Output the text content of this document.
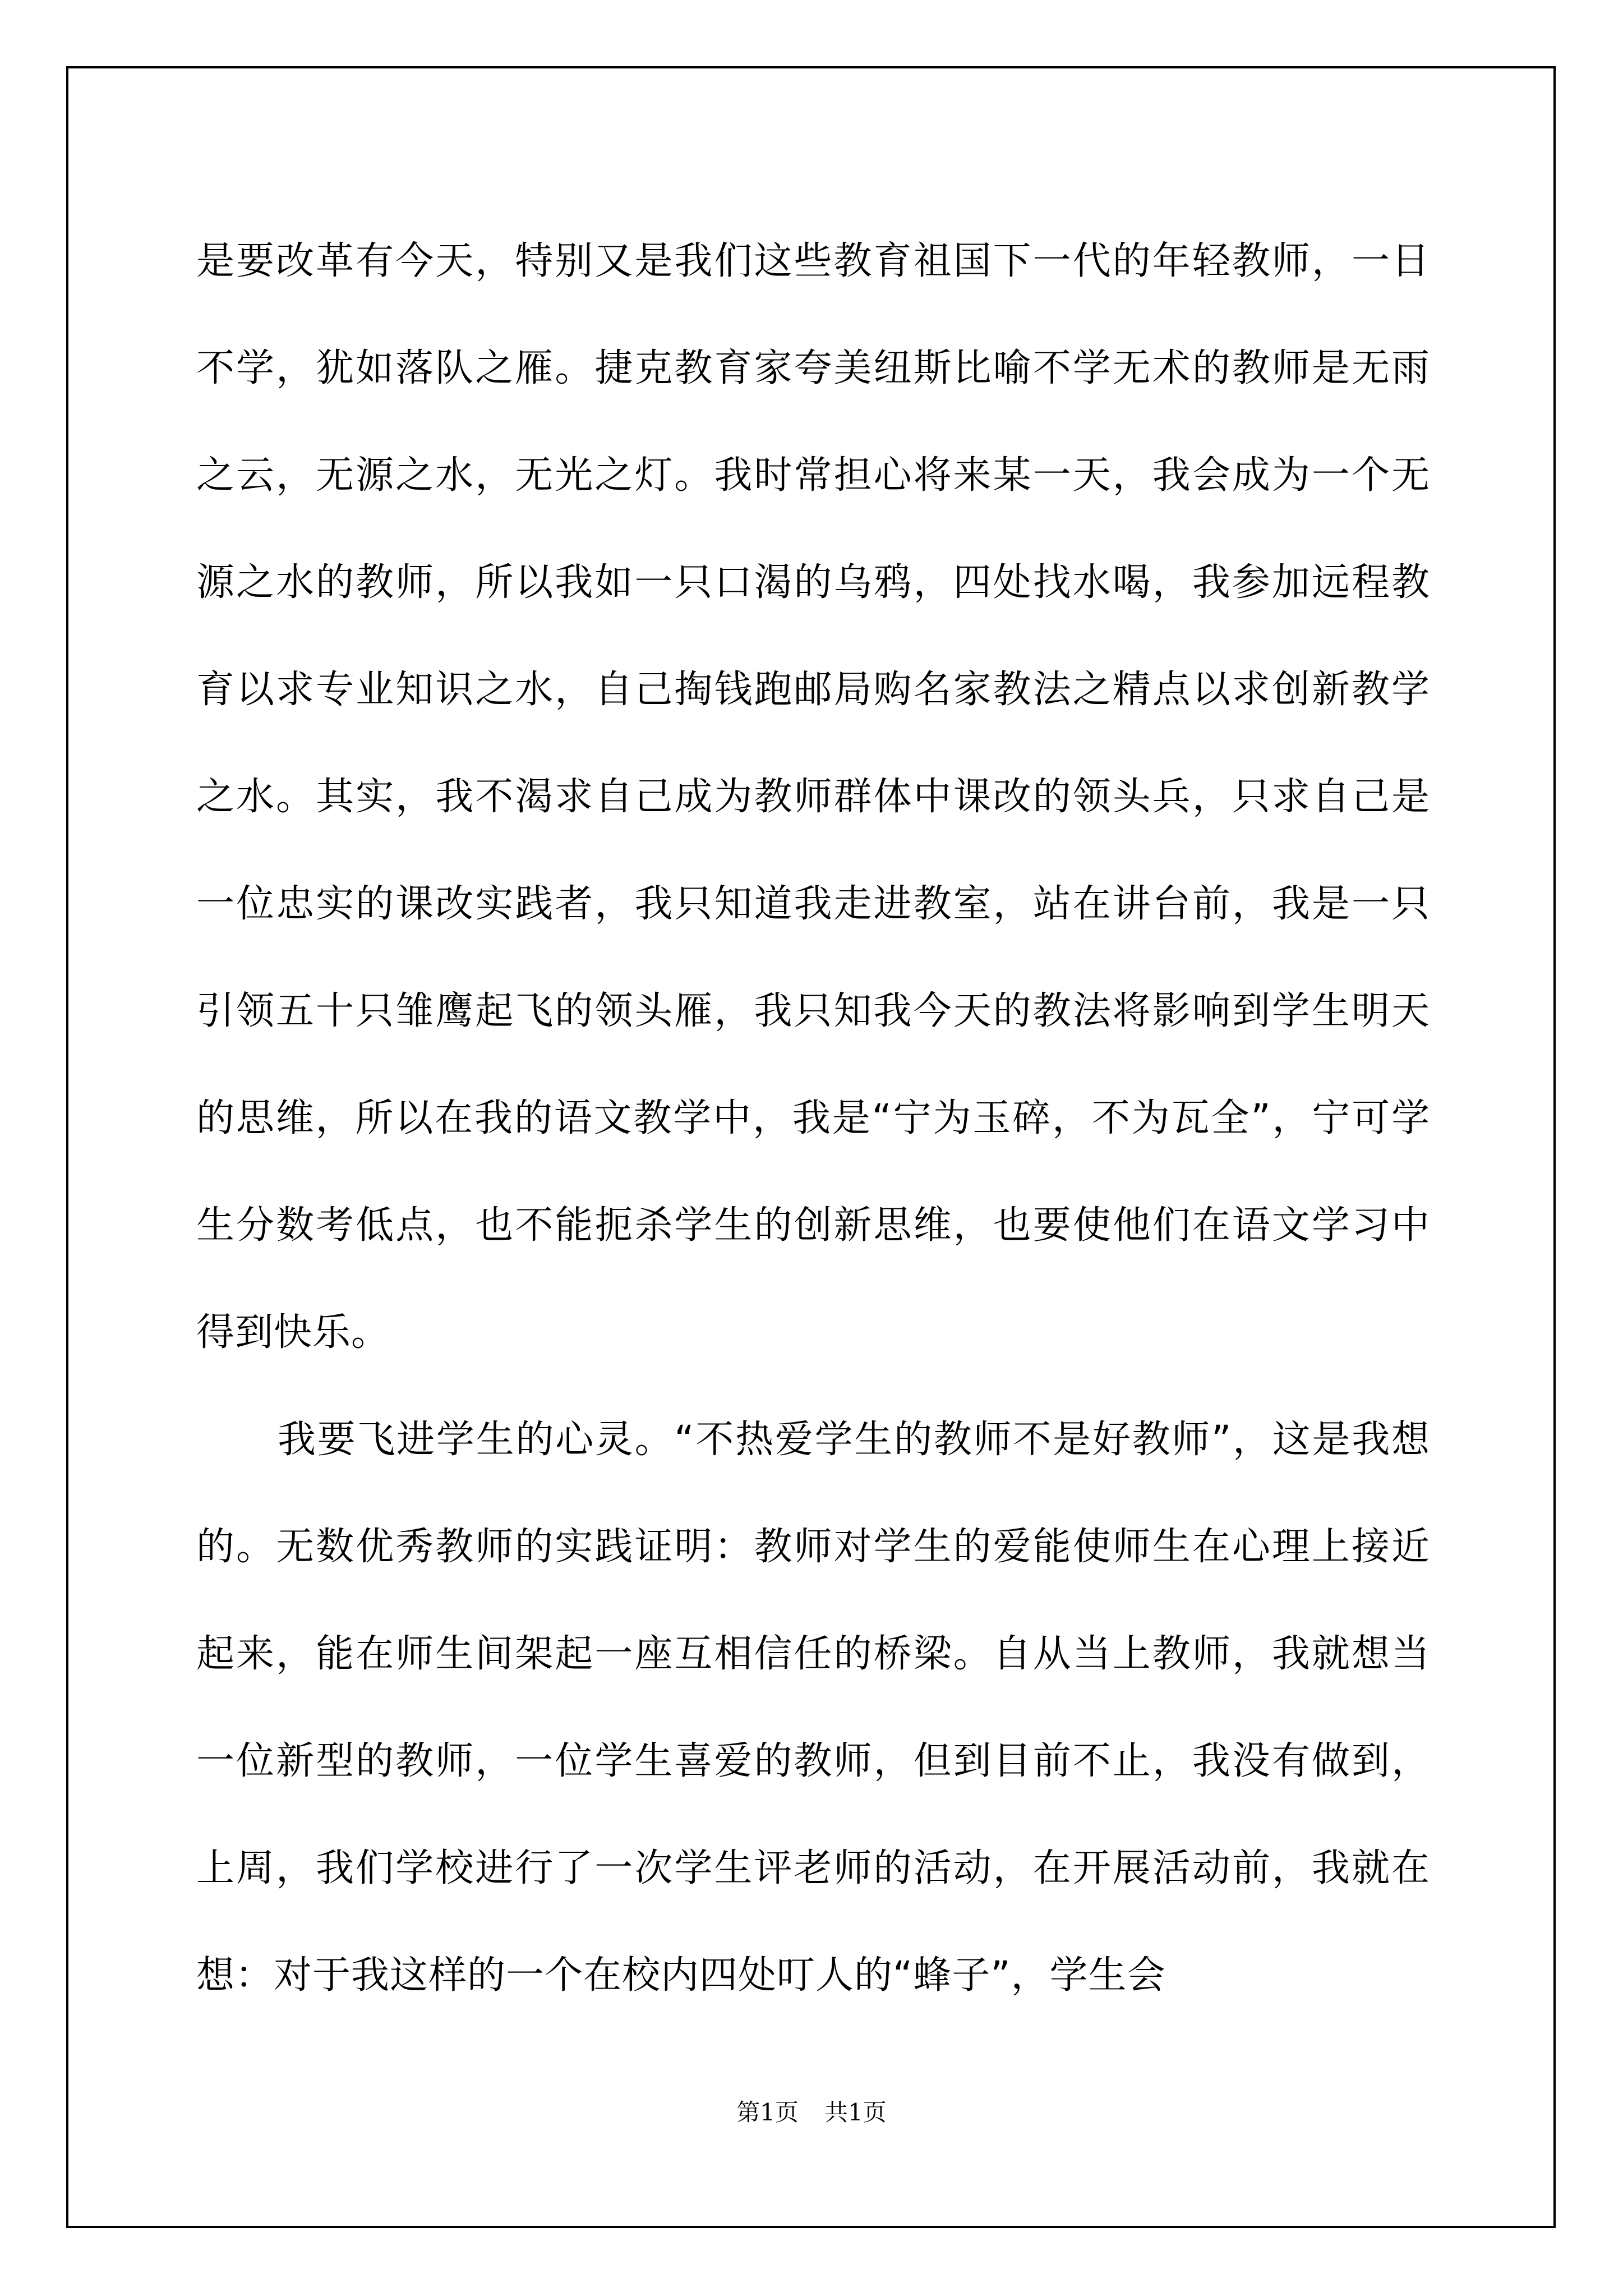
是要改革有今天，特别又是我们这些教育祖国下一代的年轻教师，一日不学，犹如落队之雁。捷克教育家夸美纽斯比喻不学无术的教师是无雨之云，无源之水，无光之灯。我时常担心将来某一天，我会成为一个无源之水的教师，所以我如一只口渴的乌鸦，四处找水喝，我参加远程教育以求专业知识之水，自己掏钱跑邮局购名家教法之精点以求创新教学之水。其实，我不渴求自己成为教师群体中课改的领头兵，只求自己是一位忠实的课改实践者，我只知道我走进教室，站在讲台前，我是一只引领五十只雏鹰起飞的领头雁，我只知我今天的教法将影响到学生明天的思维，所以在我的语文教学中，我是“宁为玉碎，不为瓦全”，宁可学生分数考低点，也不能扼杀学生的创新思维，也要使他们在语文学习中得到快乐。

我要飞进学生的心灵。“不热爱学生的教师不是好教师”，这是我想的。无数优秀教师的实践证明：教师对学生的爱能使师生在心理上接近起来，能在师生间架起一座互相信任的桥梁。自从当上教师，我就想当一位新型的教师，一位学生喜爱的教师，但到目前不止，我没有做到，上周，我们学校进行了一次学生评老师的活动，在开展活动前，我就在想：对于我这样的一个在校内四处叮人的“蜂子”，学生会

第1页 共1页
